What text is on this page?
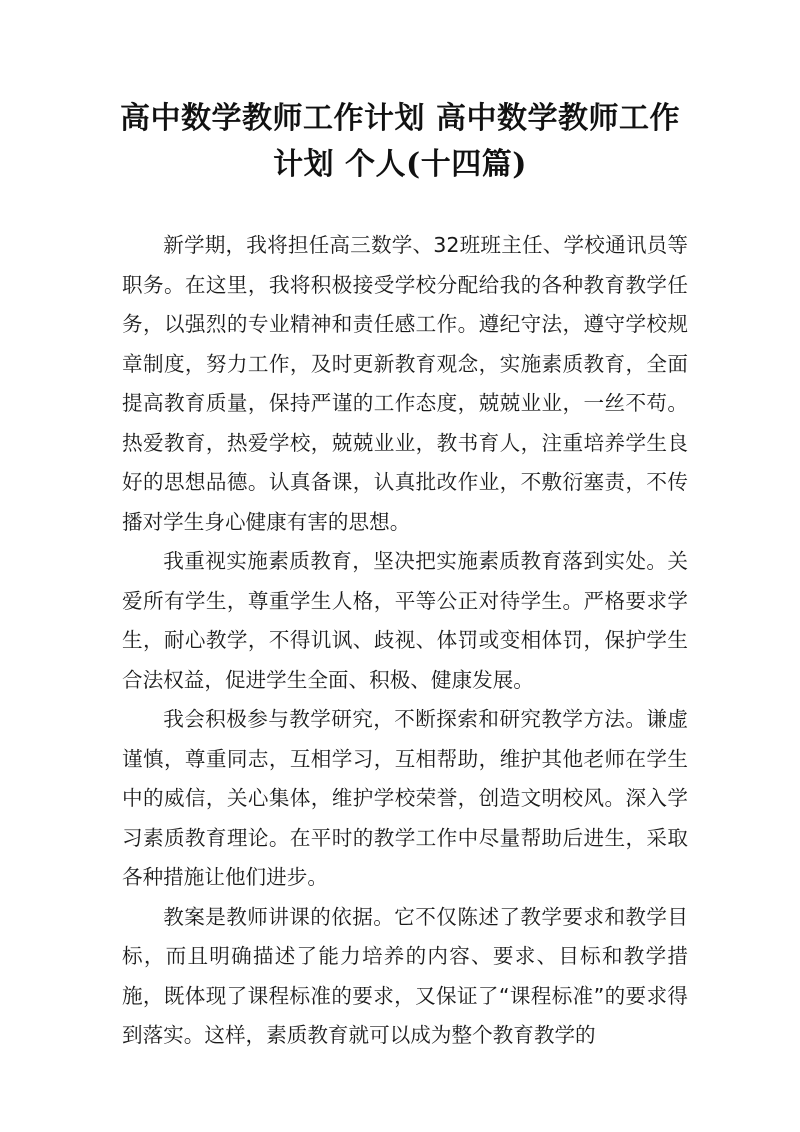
高中数学教师工作计划 高中数学教师工作
计划 个人(十四篇)

新学期，我将担任高三数学、32班班主任、学校通讯员等职务。在这里，我将积极接受学校分配给我的各种教育教学任务，以强烈的专业精神和责任感工作。遵纪守法，遵守学校规章制度，努力工作，及时更新教育观念，实施素质教育，全面提高教育质量，保持严谨的工作态度，兢兢业业，一丝不苟。热爱教育，热爱学校，兢兢业业，教书育人，注重培养学生良好的思想品德。认真备课，认真批改作业，不敷衍塞责，不传播对学生身心健康有害的思想。

我重视实施素质教育，坚决把实施素质教育落到实处。关爱所有学生，尊重学生人格，平等公正对待学生。严格要求学生，耐心教学，不得讥讽、歧视、体罚或变相体罚，保护学生合法权益，促进学生全面、积极、健康发展。

我会积极参与教学研究，不断探索和研究教学方法。谦虚谨慎，尊重同志，互相学习，互相帮助，维护其他老师在学生中的威信，关心集体，维护学校荣誉，创造文明校风。深入学习素质教育理论。在平时的教学工作中尽量帮助后进生，采取各种措施让他们进步。

教案是教师讲课的依据。它不仅陈述了教学要求和教学目标，而且明确描述了能力培养的内容、要求、目标和教学措施，既体现了课程标准的要求，又保证了“课程标准”的要求得到落实。这样，素质教育就可以成为整个教育教学的
